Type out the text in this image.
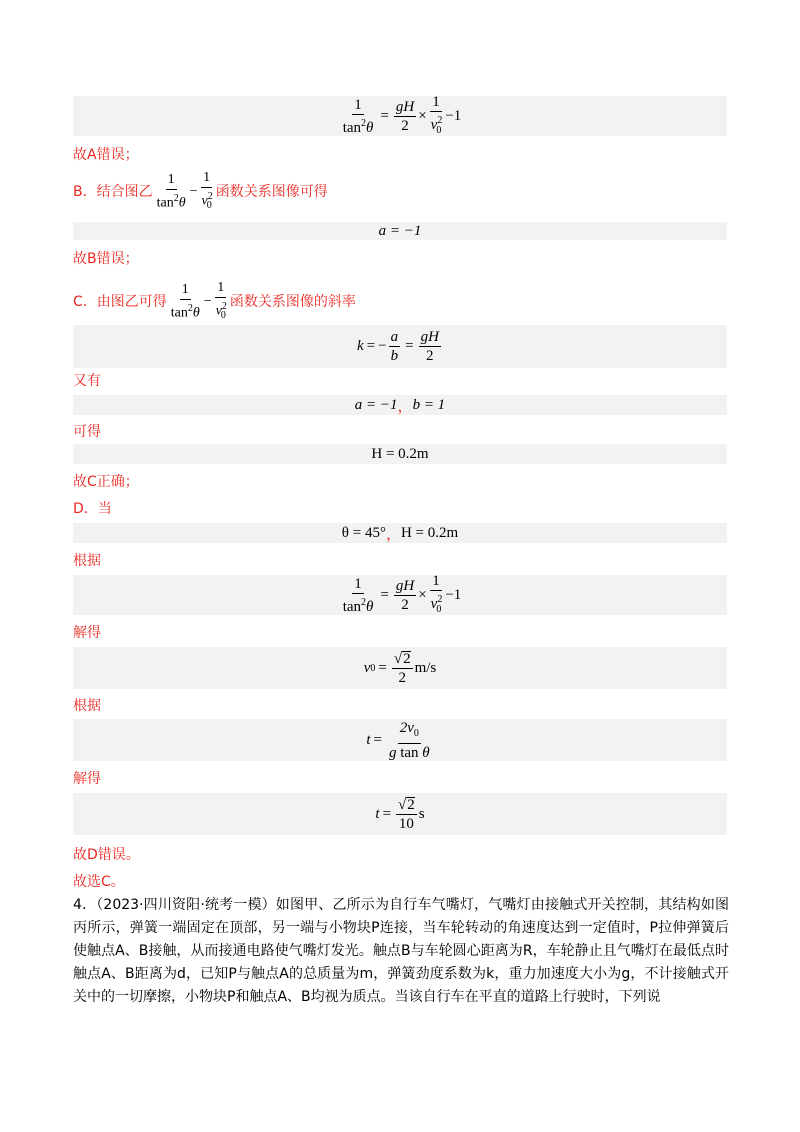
$\frac{1}{\tan^2\theta} = \frac{gH}{2} \times \frac{1}{v^2_0} -1$
故A错误；
B．结合图乙 $\frac{1}{\tan^2\theta} - \frac{1}{v^2_0}$ 函数关系图像可得
a = −1
故B错误；
C．由图乙可得 $\frac{1}{\tan^2\theta} - \frac{1}{v^2_0}$ 函数关系图像的斜率
k = − $\frac{a}{b} = \frac{gH}{2}$
又有
a = −1 ， b = 1
可得
H = 0.2m
故C正确；
D．当
θ = 45° ， H = 0.2m
根据
$\frac{1}{\tan^2\theta} = \frac{gH}{2} \times \frac{1}{v^2_0} -1$
解得
v $0 = \frac{√ 2}{2} m/s$
根据
$t = \frac{2v_0}{\text{g tan θ}}$
解得
$t = \frac{√ 2}{10}$ s
故D错误。
故选C。
4．（2023·四川资阳·统考一模）如图甲、乙所示为自行车气嘴灯，气嘴灯由接触式开关控制，其结构如图丙所示，弹簧一端固定在顶部，另一端与小物块P连接，当车轮转动的角速度达到一定值时，P拉伸弹簧后使触点A、B接触，从而接通电路使气嘴灯发光。触点B与车轮圆心距离为R，车轮静止且气嘴灯在最低点时触点A、B距离为d，已知P与触点A的总质量为m，弹簧劲度系数为k，重力加速度大小为g，不计接触式开关中的一切摩擦，小物块P和触点A、B均视为质点。当该自行车在平直的道路上行驶时，下列说
